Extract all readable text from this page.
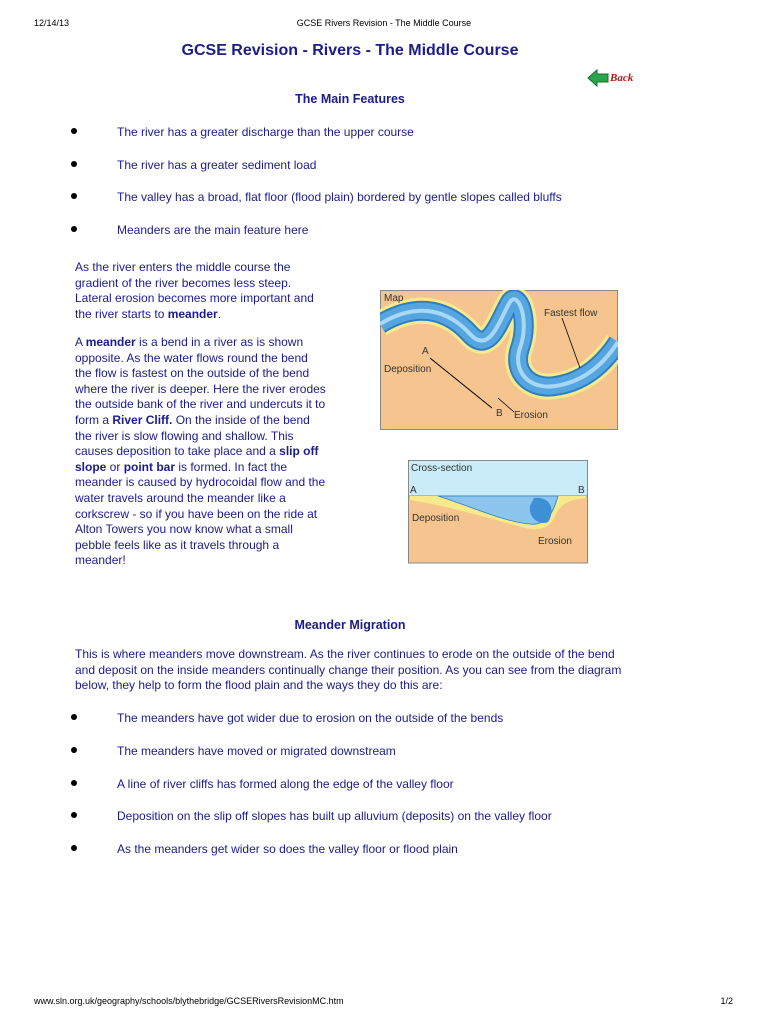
12/14/13	GCSE Rivers Revision - The Middle Course
GCSE Revision - Rivers - The Middle Course
Back
The Main Features
The river has a greater discharge than the upper course
The river has a greater sediment load
The valley has a broad, flat floor (flood plain) bordered by gentle slopes called bluffs
Meanders are the main feature here
As the river enters the middle course the gradient of the river becomes less steep. Lateral erosion becomes more important and the river starts to meander.
A meander is a bend in a river as is shown opposite. As the water flows round the bend the flow is fastest on the outside of the bend where the river is deeper. Here the river erodes the outside bank of the river and undercuts it to form a River Cliff. On the inside of the bend the river is slow flowing and shallow. This causes deposition to take place and a slip off slope or point bar is formed. In fact the meander is caused by hydrocoidal flow and the water travels around the meander like a corkscrew - so if you have been on the ride at Alton Towers you now know what a small pebble feels like as it travels through a meander!
Map
Fastest flow
A
Deposition
B Erosion
Cross-section
A	B
Deposition
Erosion
Meander Migration
This is where meanders move downstream. As the river continues to erode on the outside of the bend and deposit on the inside meanders continually change their position. As you can see from the diagram below, they help to form the flood plain and the ways they do this are:
The meanders have got wider due to erosion on the outside of the bends
The meanders have moved or migrated downstream
A line of river cliffs has formed along the edge of the valley floor
Deposition on the slip off slopes has built up alluvium (deposits) on the valley floor
As the meanders get wider so does the valley floor or flood plain
www.sln.org.uk/geography/schools/blythebridge/GCSERiversRevisionMC.htm	1/2
